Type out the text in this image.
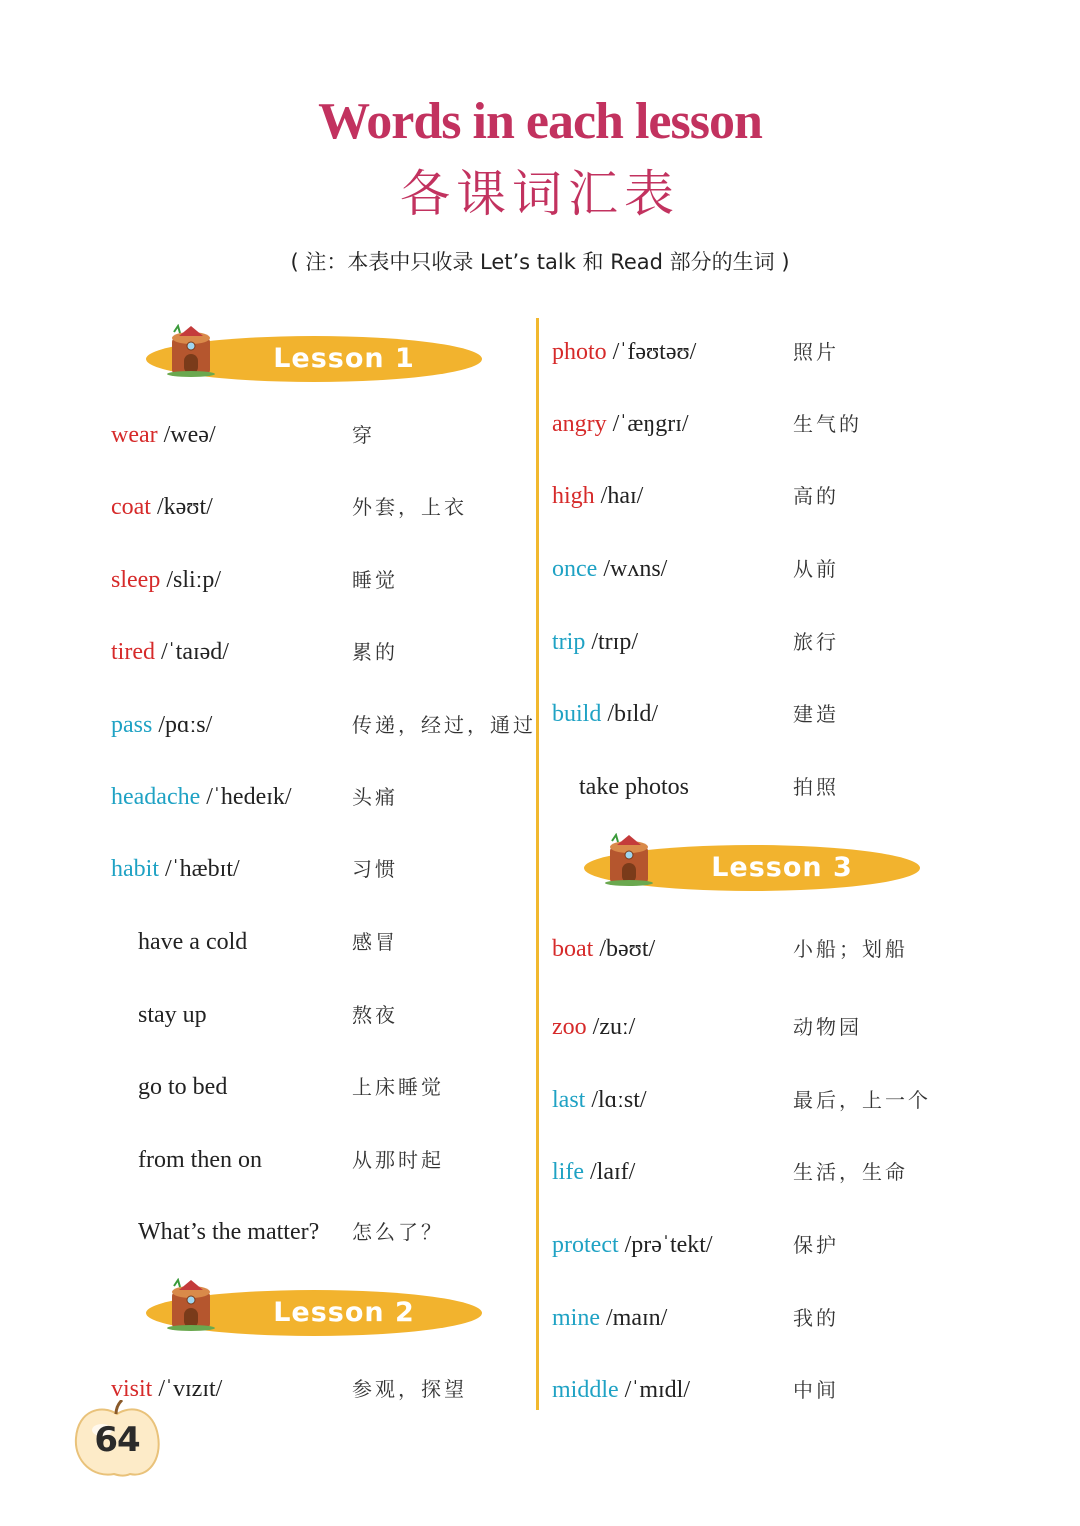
Words in each lesson
各课词汇表
( 注：本表中只收录 Let’s talk 和 Read 部分的生词 )
Lesson 1
Lesson 2
Lesson 3
wear /weə/	穿
coat /kəʊt/	外套，上衣
sleep /sliːp/	睡觉
tired /ˈtaɪəd/	累的
pass /pɑːs/	传递，经过，通过
headache /ˈhedeɪk/	头痛
habit /ˈhæbɪt/	习惯
have a cold	感冒
stay up	熬夜
go to bed	上床睡觉
from then on	从那时起
What’s the matter? 怎么了？
visit /ˈvɪzɪt/	参观，探望
photo /ˈfəʊtəʊ/	照片
angry /ˈæŋgrɪ/	生气的
high /haɪ/	高的
once /wʌns/	从前
trip /trɪp/	旅行
build /bɪld/	建造
take photos	拍照
boat /bəʊt/	小船；划船
zoo /zuː/	动物园
last /lɑːst/	最后，上一个
life /laɪf/	生活，生命
protect /prəˈtekt/	保护
mine /maɪn/	我的
middle /ˈmɪdl/	中间
64
